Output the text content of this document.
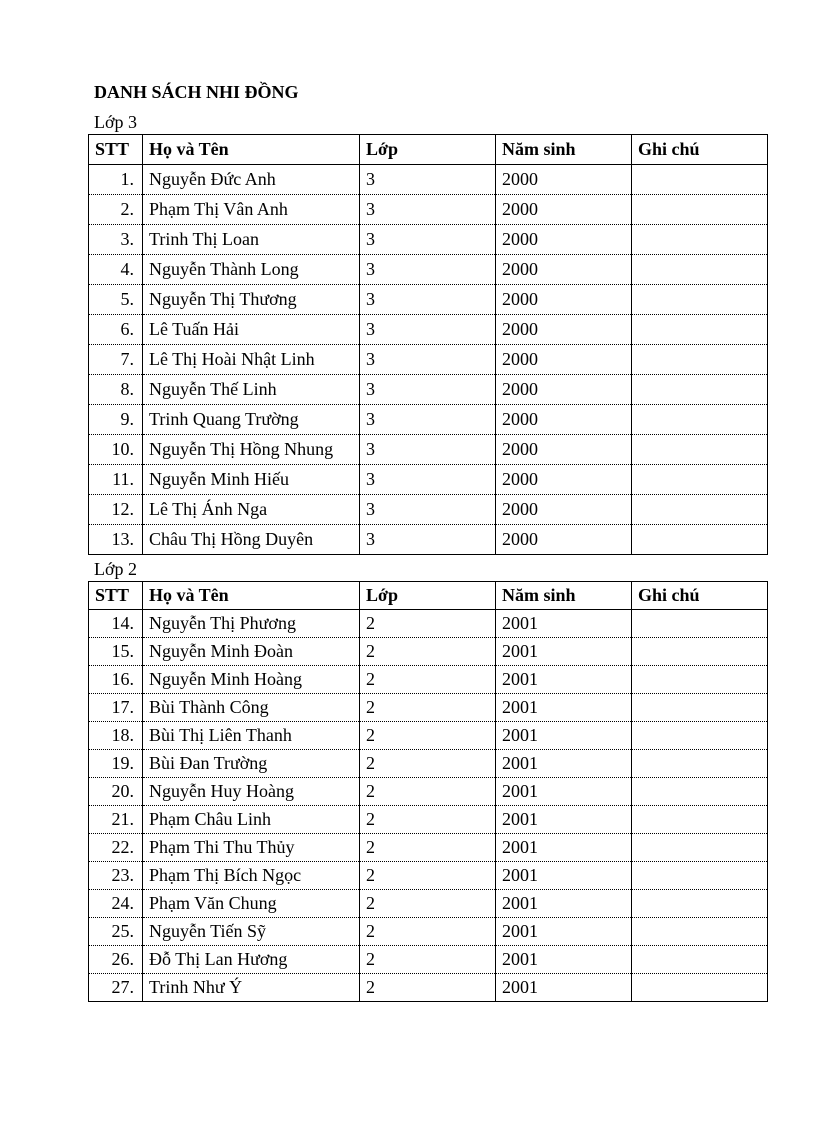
DANH SÁCH NHI ĐỒNG
Lớp 3
STT	Họ và Tên	Lớp	Năm sinh	Ghi chú
1.	Nguyễn Đức Anh	3	2000	
2.	Phạm Thị Vân Anh	3	2000	
3.	Trinh Thị Loan	3	2000	
4.	Nguyễn Thành Long	3	2000	
5.	Nguyễn Thị Thương	3	2000	
6.	Lê Tuấn Hải	3	2000	
7.	Lê Thị Hoài Nhật Linh	3	2000	
8.	Nguyễn Thế Linh	3	2000	
9.	Trinh Quang Trường	3	2000	
10.	Nguyễn Thị Hồng Nhung	3	2000	
11.	Nguyễn Minh Hiếu	3	2000	
12.	Lê Thị Ánh Nga	3	2000	
13.	Châu Thị Hồng Duyên	3	2000	
Lớp 2
STT	Họ và Tên	Lớp	Năm sinh	Ghi chú
14.	Nguyễn Thị Phương	2	2001	
15.	Nguyễn Minh Đoàn	2	2001	
16.	Nguyễn Minh Hoàng	2	2001	
17.	Bùi Thành Công	2	2001	
18.	Bùi Thị Liên Thanh	2	2001	
19.	Bùi Đan Trường	2	2001	
20.	Nguyễn Huy Hoàng	2	2001	
21.	Phạm Châu Linh	2	2001	
22.	Phạm Thi Thu Thủy	2	2001	
23.	Phạm Thị Bích Ngọc	2	2001	
24.	Phạm Văn Chung	2	2001	
25.	Nguyễn Tiến Sỹ	2	2001	
26.	Đỗ Thị Lan Hương	2	2001	
27.	Trinh Như Ý	2	2001	
